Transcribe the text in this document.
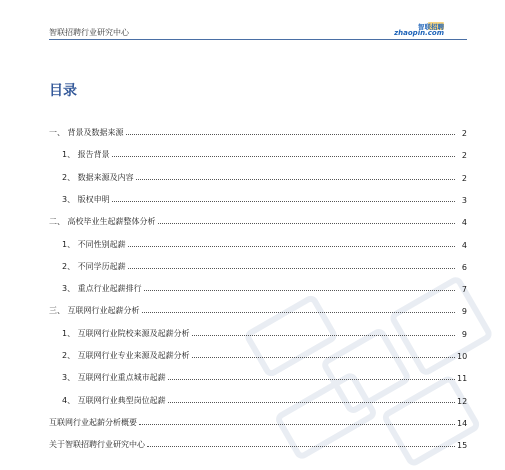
智联招聘行业研究中心
智联招聘
zhaopin.com
目录
一、 背景及数据来源	2
1、 报告背景	2
2、 数据来源及内容	2
3、 版权申明	3
二、 高校毕业生起薪整体分析	4
1、 不同性别起薪	4
2、 不同学历起薪	6
3、 重点行业起薪排行	7
三、 互联网行业起薪分析	9
1、 互联网行业院校来源及起薪分析	9
2、 互联网行业专业来源及起薪分析	10
3、 互联网行业重点城市起薪	11
4、 互联网行业典型岗位起薪	12
互联网行业起薪分析概要	14
关于智联招聘行业研究中心	15
